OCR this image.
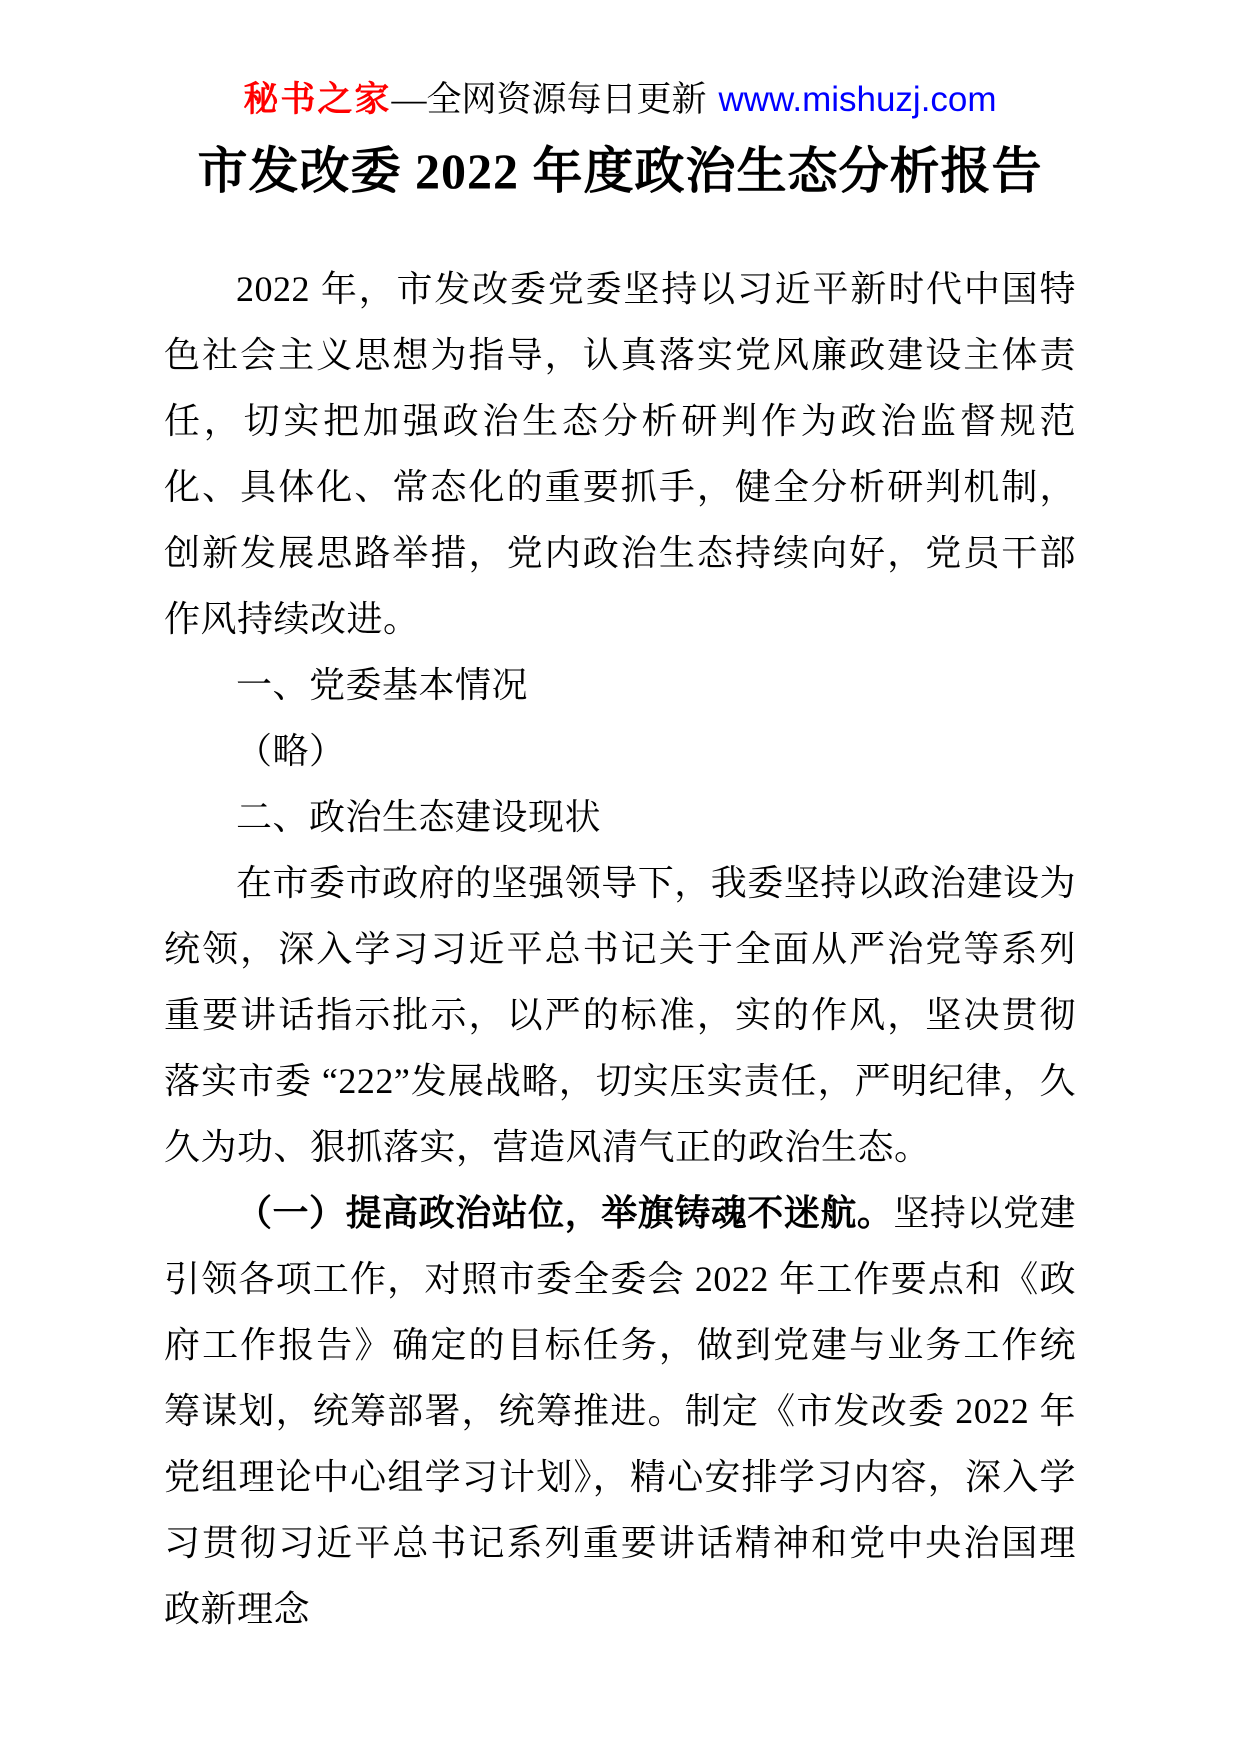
秘书之家—全网资源每日更新 www.mishuzj.com
市发改委 2022 年度政治生态分析报告

2022 年，市发改委党委坚持以习近平新时代中国特色社会主义思想为指导，认真落实党风廉政建设主体责任，切实把加强政治生态分析研判作为政治监督规范化、具体化、常态化的重要抓手，健全分析研判机制，创新发展思路举措，党内政治生态持续向好，党员干部作风持续改进。

一、党委基本情况

（略）

二、政治生态建设现状

在市委市政府的坚强领导下，我委坚持以政治建设为统领，深入学习习近平总书记关于全面从严治党等系列重要讲话指示批示，以严的标准，实的作风，坚决贯彻落实市委 “222”发展战略，切实压实责任，严明纪律，久久为功、狠抓落实，营造风清气正的政治生态。

（一）提高政治站位，举旗铸魂不迷航。坚持以党建引领各项工作，对照市委全委会 2022 年工作要点和《政府工作报告》确定的目标任务，做到党建与业务工作统筹谋划，统筹部署，统筹推进。制定《市发改委 2022 年党组理论中心组学习计划》，精心安排学习内容，深入学习贯彻习近平总书记系列重要讲话精神和党中央治国理政新理念
